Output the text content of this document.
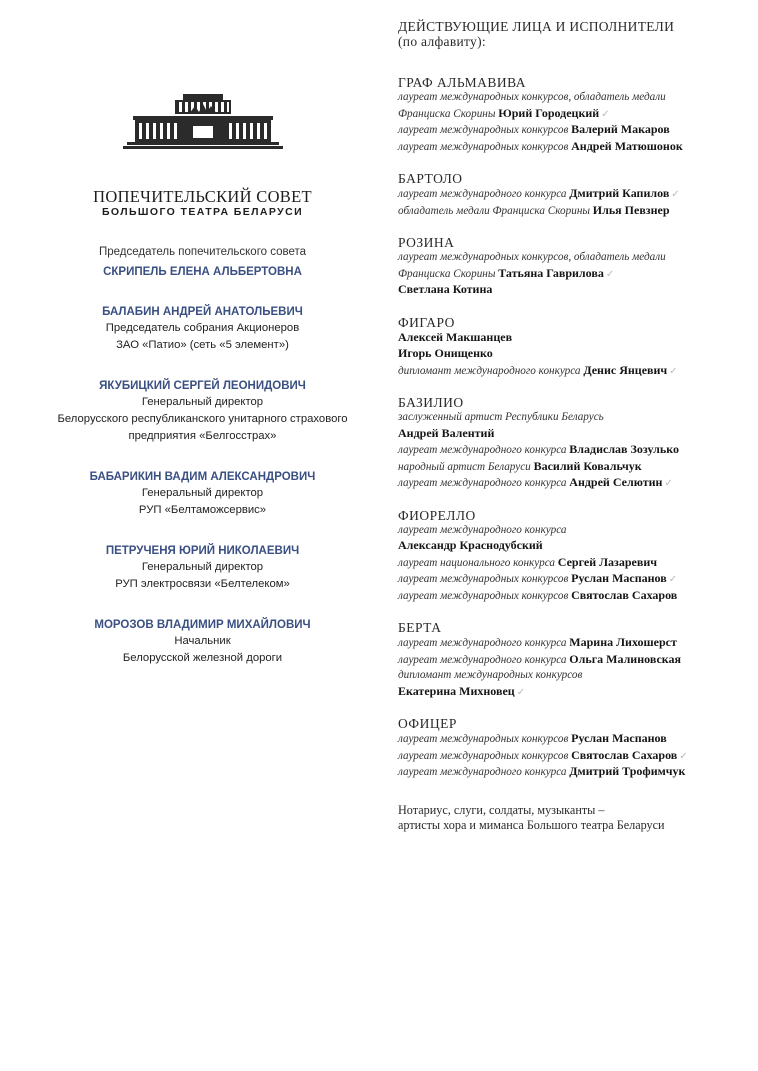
ПОПЕЧИТЕЛЬСКИЙ СОВЕТ
БОЛЬШОГО ТЕАТРА БЕЛАРУСИ
Председатель попечительского совета
СКРИПЕЛЬ ЕЛЕНА АЛЬБЕРТОВНА
БАЛАБИН АНДРЕЙ АНАТОЛЬЕВИЧ
Председатель собрания Акционеров
ЗАО «Патио» (сеть «5 элемент»)
ЯКУБИЦКИЙ СЕРГЕЙ ЛЕОНИДОВИЧ
Генеральный директор
Белорусского республиканского унитарного страхового
предприятия «Белгосстрах»
БАБАРИКИН ВАДИМ АЛЕКСАНДРОВИЧ
Генеральный директор
РУП «Белтаможсервис»
ПЕТРУЧЕНЯ ЮРИЙ НИКОЛАЕВИЧ
Генеральный директор
РУП электросвязи «Белтелеком»
МОРОЗОВ ВЛАДИМИР МИХАЙЛОВИЧ
Начальник
Белорусской железной дороги
ДЕЙСТВУЮЩИЕ ЛИЦА И ИСПОЛНИТЕЛИ
(по алфавиту):
ГРАФ АЛЬМАВИВА
лауреат международных конкурсов, обладатель медали
Франциска Скорины Юрий Городецкий ✓
лауреат международных конкурсов Валерий Макаров
лауреат международных конкурсов Андрей Матюшонок
БАРТОЛО
лауреат международного конкурса Дмитрий Капилов ✓
обладатель медали Франциска Скорины Илья Певзнер
РОЗИНА
лауреат международных конкурсов, обладатель медали
Франциска Скорины Татьяна Гаврилова ✓
Светлана Котина
ФИГАРО
Алексей Макшанцев
Игорь Онищенко
дипломант международного конкурса Денис Янцевич ✓
БАЗИЛИО
заслуженный артист Республики Беларусь
Андрей Валентий
лауреат международного конкурса Владислав Зозулько
народный артист Беларуси Василий Ковальчук
лауреат международного конкурса Андрей Селютин ✓
ФИОРЕЛЛО
лауреат международного конкурса
Александр Краснодубский
лауреат национального конкурса Сергей Лазаревич
лауреат международных конкурсов Руслан Маспанов ✓
лауреат международных конкурсов Святослав Сахаров
БЕРТА
лауреат международного конкурса Марина Лихошерст
лауреат международного конкурса Ольга Малиновская
дипломант международных конкурсов
Екатерина Михновец ✓
ОФИЦЕР
лауреат международных конкурсов Руслан Маспанов
лауреат международных конкурсов Святослав Сахаров ✓
лауреат международного конкурса Дмитрий Трофимчук
Нотариус, слуги, солдаты, музыканты –
артисты хора и миманса Большого театра Беларуси
